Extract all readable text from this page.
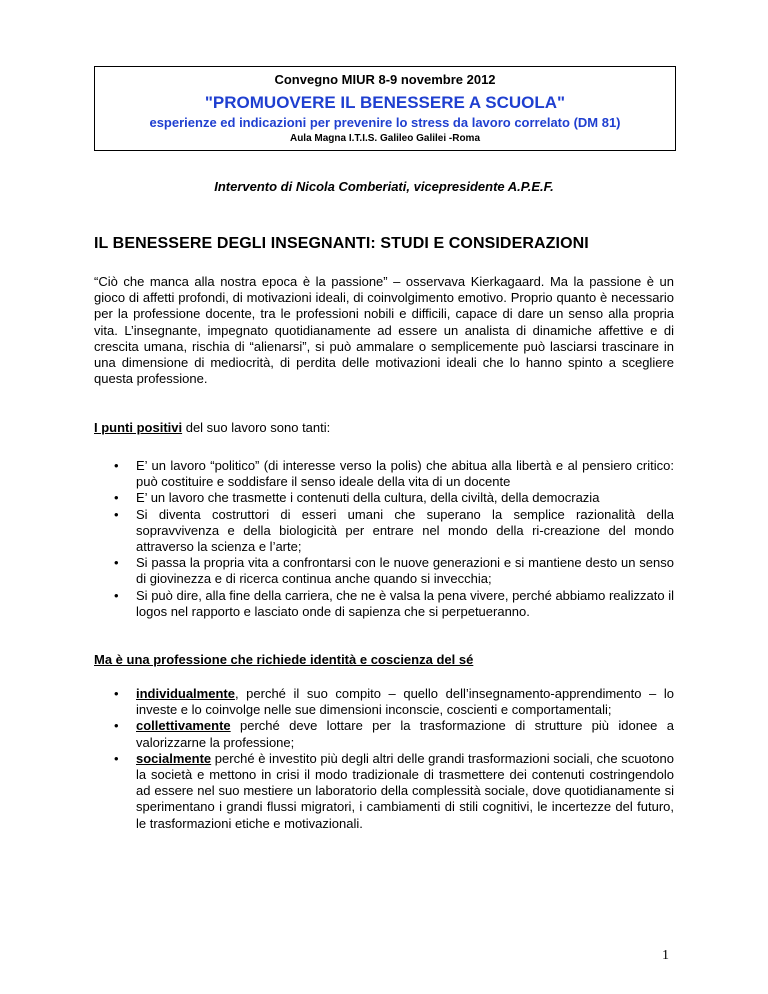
Convegno MIUR 8-9 novembre 2012
"PROMUOVERE IL BENESSERE A SCUOLA"
esperienze ed indicazioni per prevenire lo stress da lavoro correlato (DM 81)
Aula Magna I.T.I.S. Galileo Galilei -Roma
Intervento di Nicola Comberiati, vicepresidente A.P.E.F.
IL BENESSERE DEGLI INSEGNANTI: STUDI E CONSIDERAZIONI
“Ciò che manca alla nostra epoca è la passione” – osservava Kierkagaard. Ma la passione è un gioco di affetti profondi, di motivazioni ideali, di coinvolgimento emotivo. Proprio quanto è necessario per la professione docente, tra le professioni nobili e difficili, capace di dare un senso alla propria vita. L’insegnante, impegnato quotidianamente ad essere un analista di dinamiche affettive e di crescita umana, rischia di “alienarsi”, si può ammalare o semplicemente può lasciarsi trascinare in una dimensione di mediocrità, di perdita delle motivazioni ideali che lo hanno spinto a scegliere questa professione.
I punti positivi del suo lavoro sono tanti:
• E’ un lavoro “politico” (di interesse verso la polis) che abitua alla libertà e al pensiero critico: può costituire e soddisfare il senso ideale della vita di un docente
• E’ un lavoro che trasmette i contenuti della cultura, della civiltà, della democrazia
• Si diventa costruttori di esseri umani che superano la semplice razionalità della sopravvivenza e della biologicità per entrare nel mondo della ri-creazione del mondo attraverso la scienza e l’arte;
• Si passa la propria vita a confrontarsi con le nuove generazioni e si mantiene desto un senso di giovinezza e di ricerca continua anche quando si invecchia;
• Si può dire, alla fine della carriera, che ne è valsa la pena vivere, perché abbiamo realizzato il logos nel rapporto e lasciato onde di sapienza che si perpetueranno.
Ma è una professione che richiede identità e coscienza del sé
• individualmente, perché il suo compito – quello dell’insegnamento-apprendimento – lo investe e lo coinvolge nelle sue dimensioni inconscie, coscienti e comportamentali;
• collettivamente perché deve lottare per la trasformazione di strutture più idonee a valorizzarne la professione;
• socialmente perché è investito più degli altri delle grandi trasformazioni sociali, che scuotono la società e mettono in crisi il modo tradizionale di trasmettere dei contenuti costringendolo ad essere nel suo mestiere un laboratorio della complessità sociale, dove quotidianamente si sperimentano i grandi flussi migratori, i cambiamenti di stili cognitivi, le incertezze del futuro, le trasformazioni etiche e motivazionali.
1
